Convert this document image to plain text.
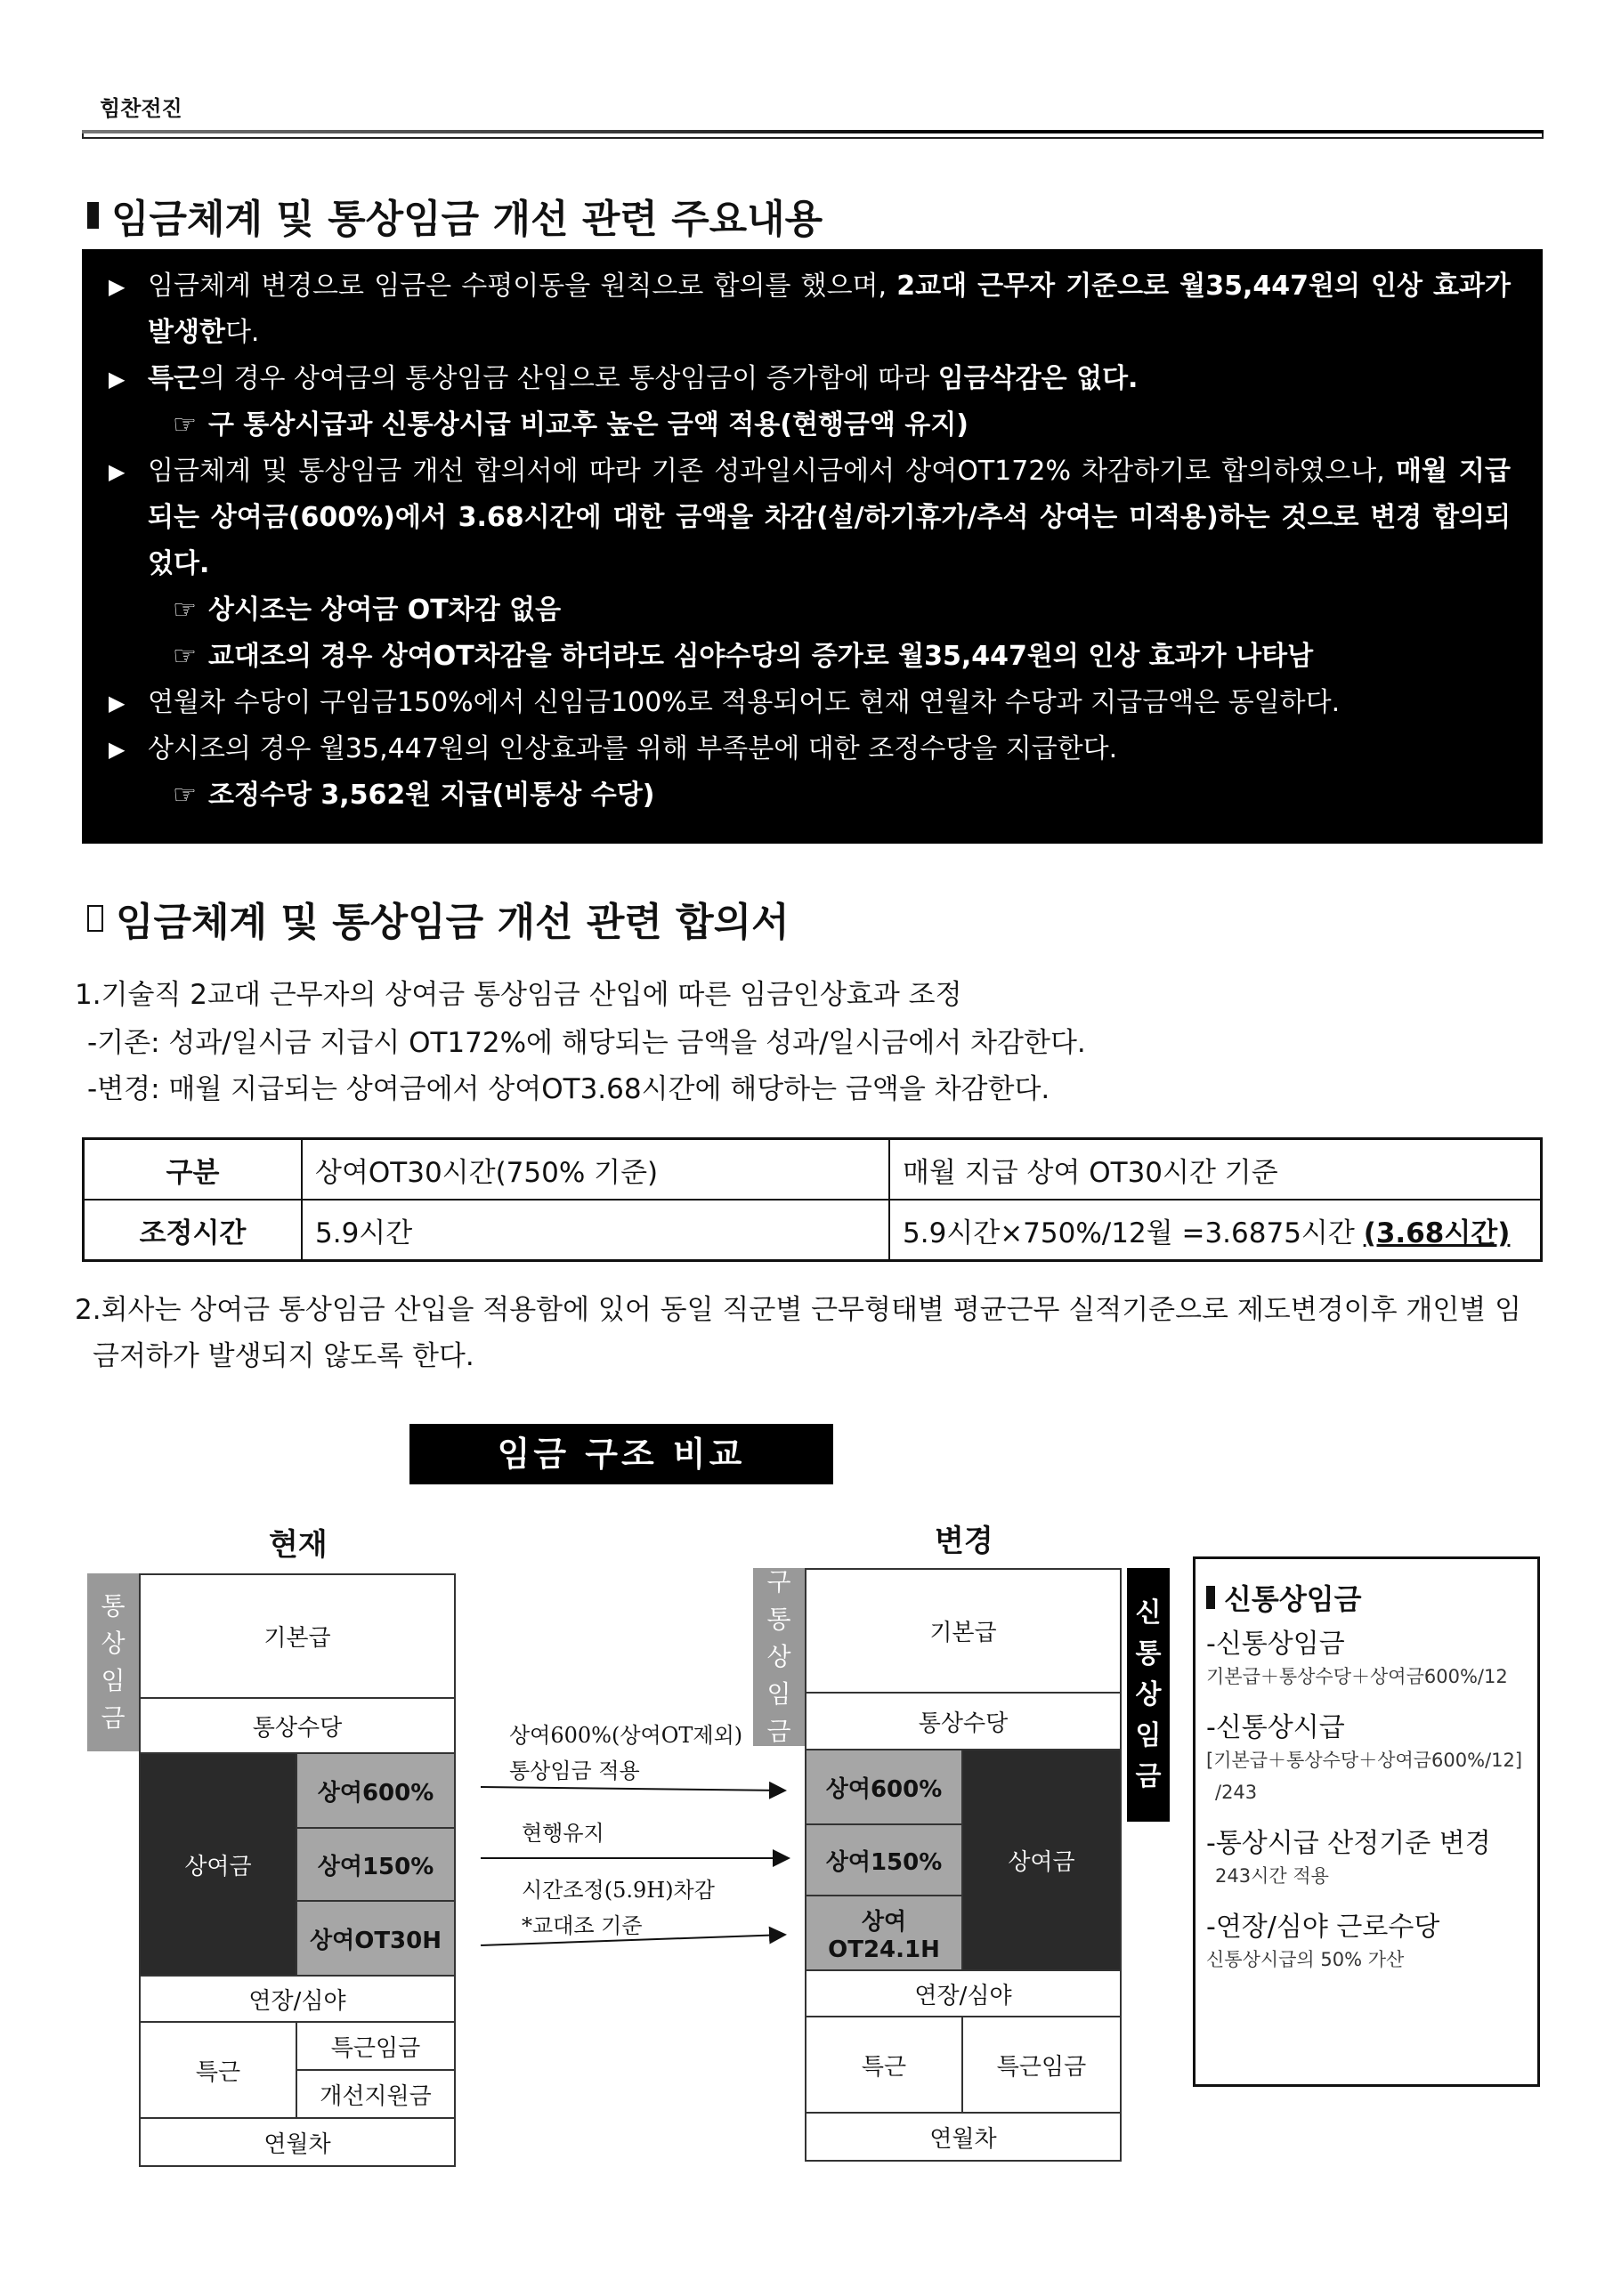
힘찬전진
임금체계 및 통상임금 개선 관련 주요내용
▶ 임금체계 변경으로 임금은 수평이동을 원칙으로 합의를 했으며, 2교대 근무자 기준으로 월35,447원의 인상 효과가 발생한다.
▶ 특근의 경우 상여금의 통상임금 산입으로 통상임금이 증가함에 따라 임금삭감은 없다.
☞ 구 통상시급과 신통상시급 비교후 높은 금액 적용(현행금액 유지)
▶ 임금체계 및 통상임금 개선 합의서에 따라 기존 성과일시금에서 상여OT172% 차감하기로 합의하였으나, 매월 지급 되는 상여금(600%)에서 3.68시간에 대한 금액을 차감(설/하기휴가/추석 상여는 미적용)하는 것으로 변경 합의되었다.
☞ 상시조는 상여금 OT차감 없음
☞ 교대조의 경우 상여OT차감을 하더라도 심야수당의 증가로 월35,447원의 인상 효과가 나타남
▶ 연월차 수당이 구임금150%에서 신임금100%로 적용되어도 현재 연월차 수당과 지급금액은 동일하다.
▶ 상시조의 경우 월35,447원의 인상효과를 위해 부족분에 대한 조정수당을 지급한다.
☞ 조정수당 3,562원 지급(비통상 수당)
임금체계 및 통상임금 개선 관련 합의서
1.기술직 2교대 근무자의 상여금 통상임금 산입에 따른 임금인상효과 조정
-기존: 성과/일시금 지급시 OT172%에 해당되는 금액을 성과/일시금에서 차감한다.
-변경: 매월 지급되는 상여금에서 상여OT3.68시간에 해당하는 금액을 차감한다.
구분	상여OT30시간(750% 기준)	매월 지급 상여 OT30시간 기준
조정시간	5.9시간	5.9시간×750%/12월 =3.6875시간 (3.68시간)
2.회사는 상여금 통상임금 산입을 적용함에 있어 동일 직군별 근무형태별 평균근무 실적기준으로 제도변경이후 개인별 임
금저하가 발생되지 않도록 한다.
임금 구조 비교
현재	변경
통상임금
기본급
통상수당
상여금
상여600%
상여150%
상여OT30H
연장/심야
특근
특근임금
개선지원금
연월차
상여600%(상여OT제외)
통상임금 적용
현행유지
시간조정(5.9H)차감
*교대조 기준
구통상임금
기본급
통상수당
상여600%
상여150%
상여OT24.1H
상여금
연장/심야
특근	특근임금
연월차
신통상임금
신통상임금
-신통상임금
기본급＋통상수당＋상여금600%/12
-신통상시급
[기본급＋통상수당＋상여금600%/12]
/243
-통상시급 산정기준 변경
243시간 적용
-연장/심야 근로수당
신통상시급의 50% 가산
